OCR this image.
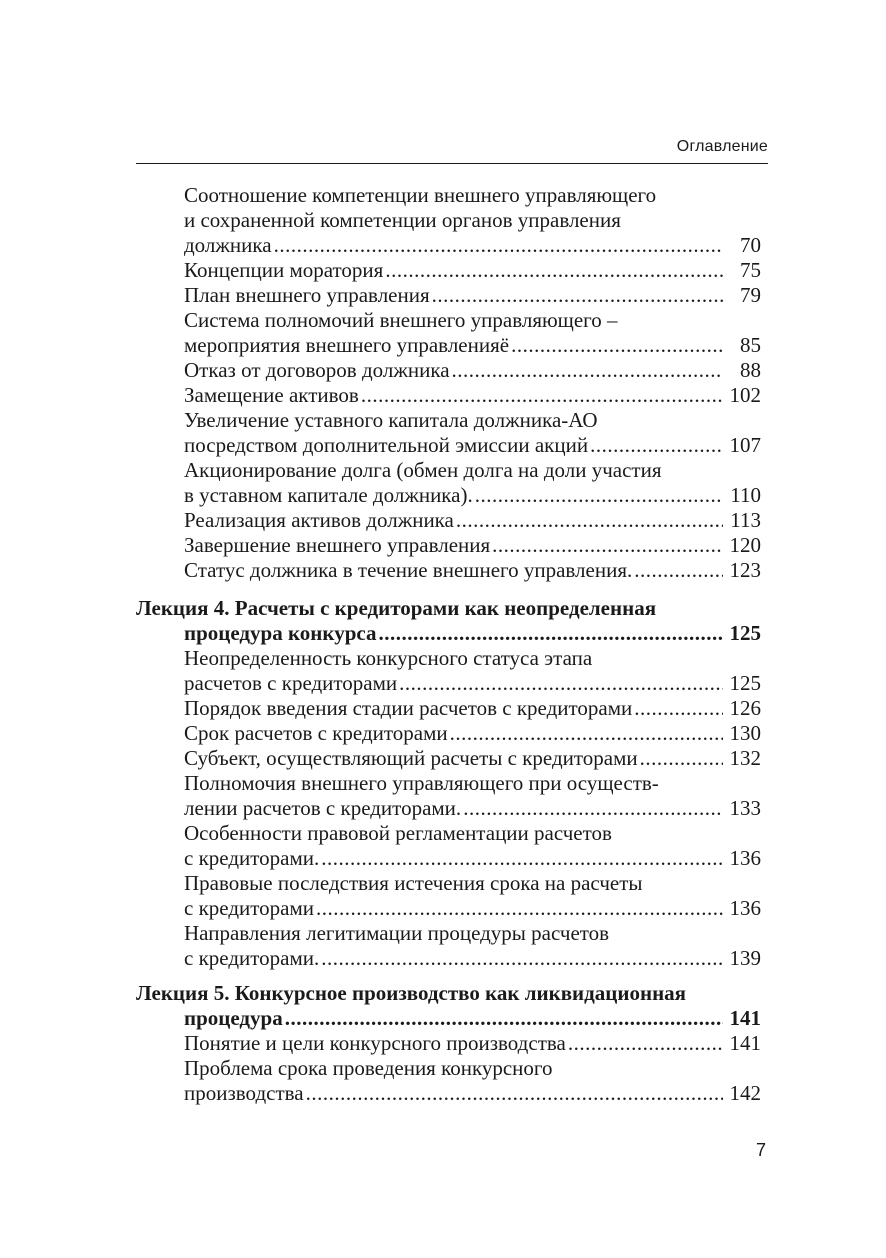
Оглавление
Соотношение компетенции внешнего управляющего
и сохраненной компетенции органов управления
должника .....	70
Концепции моратория .....	75
План внешнего управления .....	79
Система полномочий внешнего управляющего –
мероприятия внешнего управленияё .....	85
Отказ от договоров должника .....	88
Замещение активов .....	102
Увеличение уставного капитала должника-АО
посредством дополнительной эмиссии акций .....	107
Акционирование долга (обмен долга на доли участия
в уставном капитале должника). .....	110
Реализация активов должника .....	113
Завершение внешнего управления .....	120
Статус должника в течение внешнего управления. .....	123
Лекция 4. Расчеты с кредиторами как неопределенная
процедура конкурса .....	125
Неопределенность конкурсного статуса этапа
расчетов с кредиторами .....	125
Порядок введения стадии расчетов с кредиторами .....	126
Срок расчетов с кредиторами .....	130
Субъект, осуществляющий расчеты с кредиторами .....	132
Полномочия внешнего управляющего при осуществ-
лении расчетов с кредиторами. .....	133
Особенности правовой регламентации расчетов
с кредиторами. .....	136
Правовые последствия истечения срока на расчеты
с кредиторами .....	136
Направления легитимации процедуры расчетов
с кредиторами. .....	139
Лекция 5. Конкурсное производство как ликвидационная
процедура .....	141
Понятие и цели конкурсного производства .....	141
Проблема срока проведения конкурсного
производства .....	142
7
